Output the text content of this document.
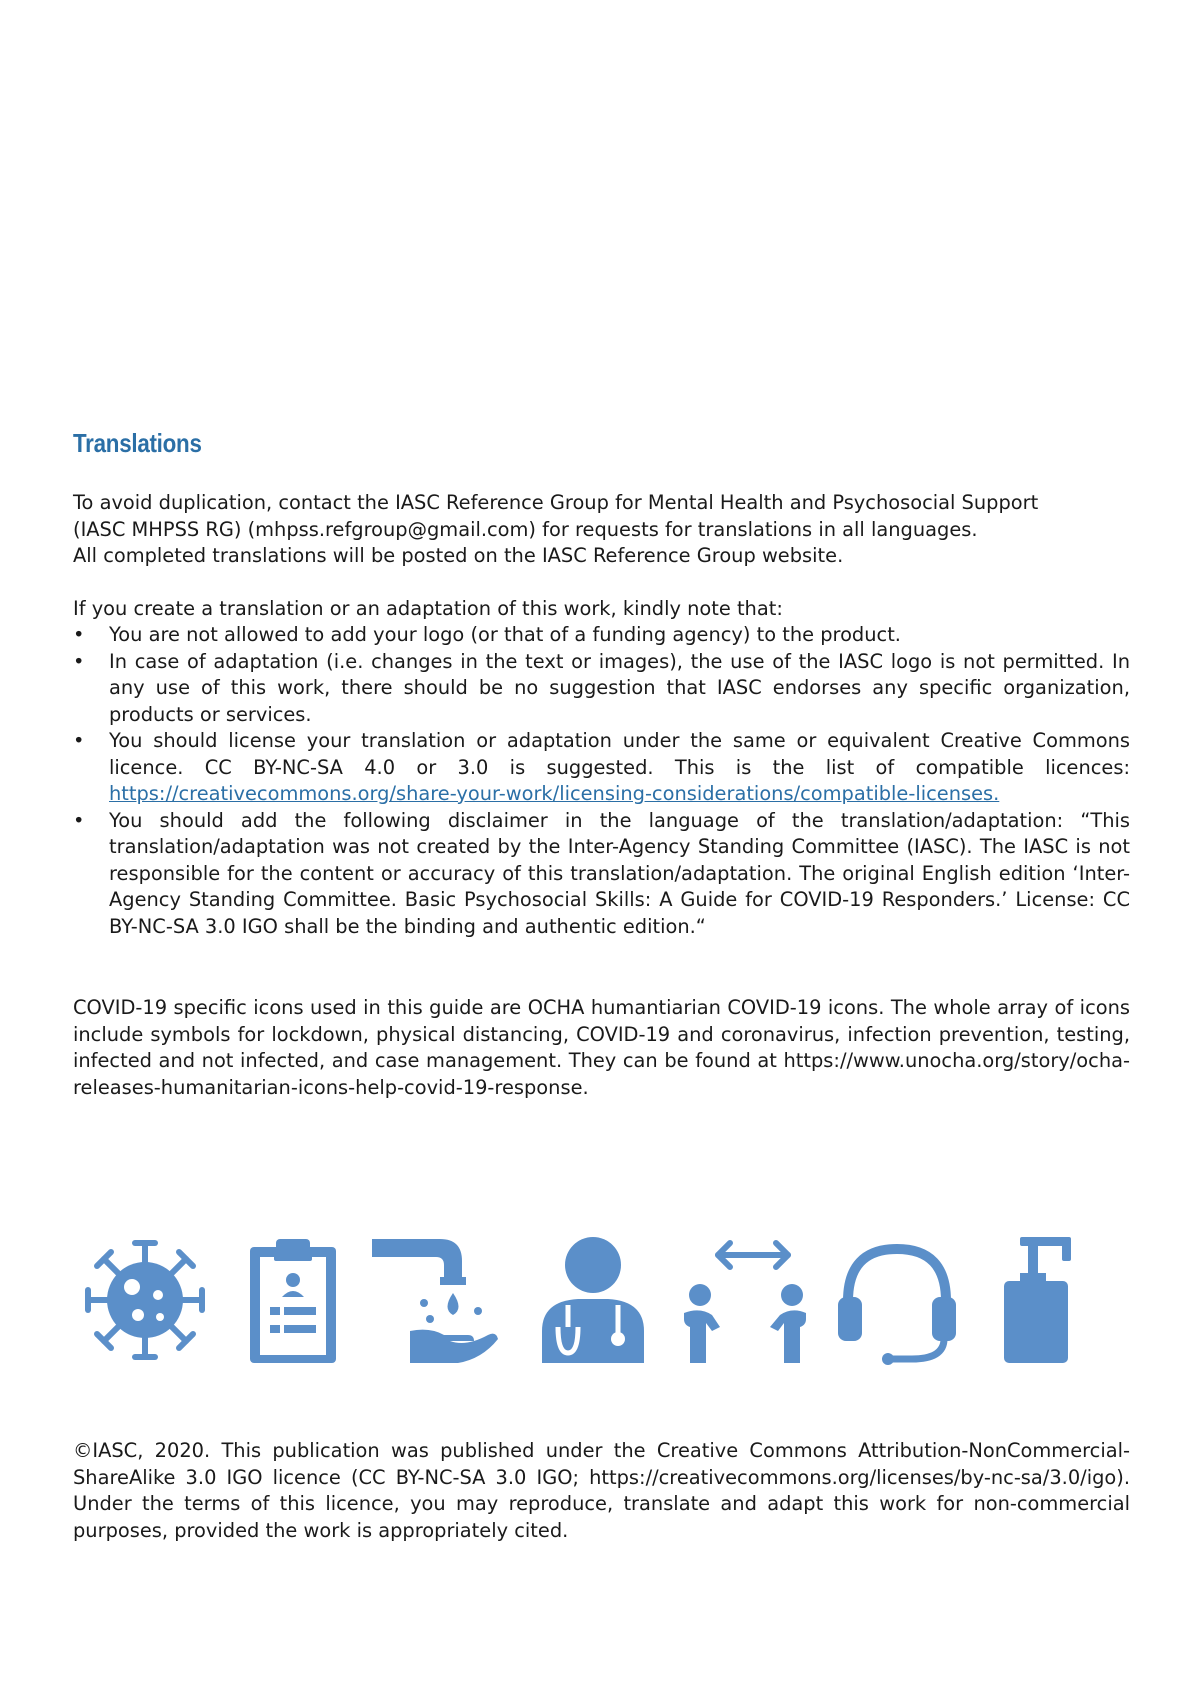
Translations
To avoid duplication, contact the IASC Reference Group for Mental Health and Psychosocial Support
(IASC MHPSS RG) (mhpss.refgroup@gmail.com) for requests for translations in all languages.
All completed translations will be posted on the IASC Reference Group website.

If you create a translation or an adaptation of this work, kindly note that:

• You are not allowed to add your logo (or that of a funding agency) to the product.
• In case of adaptation (i.e. changes in the text or images), the use of the IASC logo is not permitted. In any use of this work, there should be no suggestion that IASC endorses any specific organization, products or services.
• You should license your translation or adaptation under the same or equivalent Creative Commons licence. CC BY-NC-SA 4.0 or 3.0 is suggested. This is the list of compatible licences: https://creativecommons.org/share-your-work/licensing-considerations/compatible-licenses.
• You should add the following disclaimer in the language of the translation/adaptation: “This translation/adaptation was not created by the Inter-Agency Standing Committee (IASC). The IASC is not responsible for the content or accuracy of this translation/adaptation. The original English edition ‘Inter-Agency Standing Committee. Basic Psychosocial Skills: A Guide for COVID-19 Responders.’ License: CC BY-NC-SA 3.0 IGO shall be the binding and authentic edition.“

COVID-19 specific icons used in this guide are OCHA humantiarian COVID-19 icons. The whole array of icons include symbols for lockdown, physical distancing, COVID-19 and coronavirus, infection prevention, testing, infected and not infected, and case management. They can be found at https://www.unocha.org/story/ocha-releases-humanitarian-icons-help-covid-19-response.

©IASC, 2020. This publication was published under the Creative Commons Attribution-NonCommercial-ShareAlike 3.0 IGO licence (CC BY-NC-SA 3.0 IGO; https://creativecommons.org/licenses/by-nc-sa/3.0/igo). Under the terms of this licence, you may reproduce, translate and adapt this work for non-commercial purposes, provided the work is appropriately cited.
